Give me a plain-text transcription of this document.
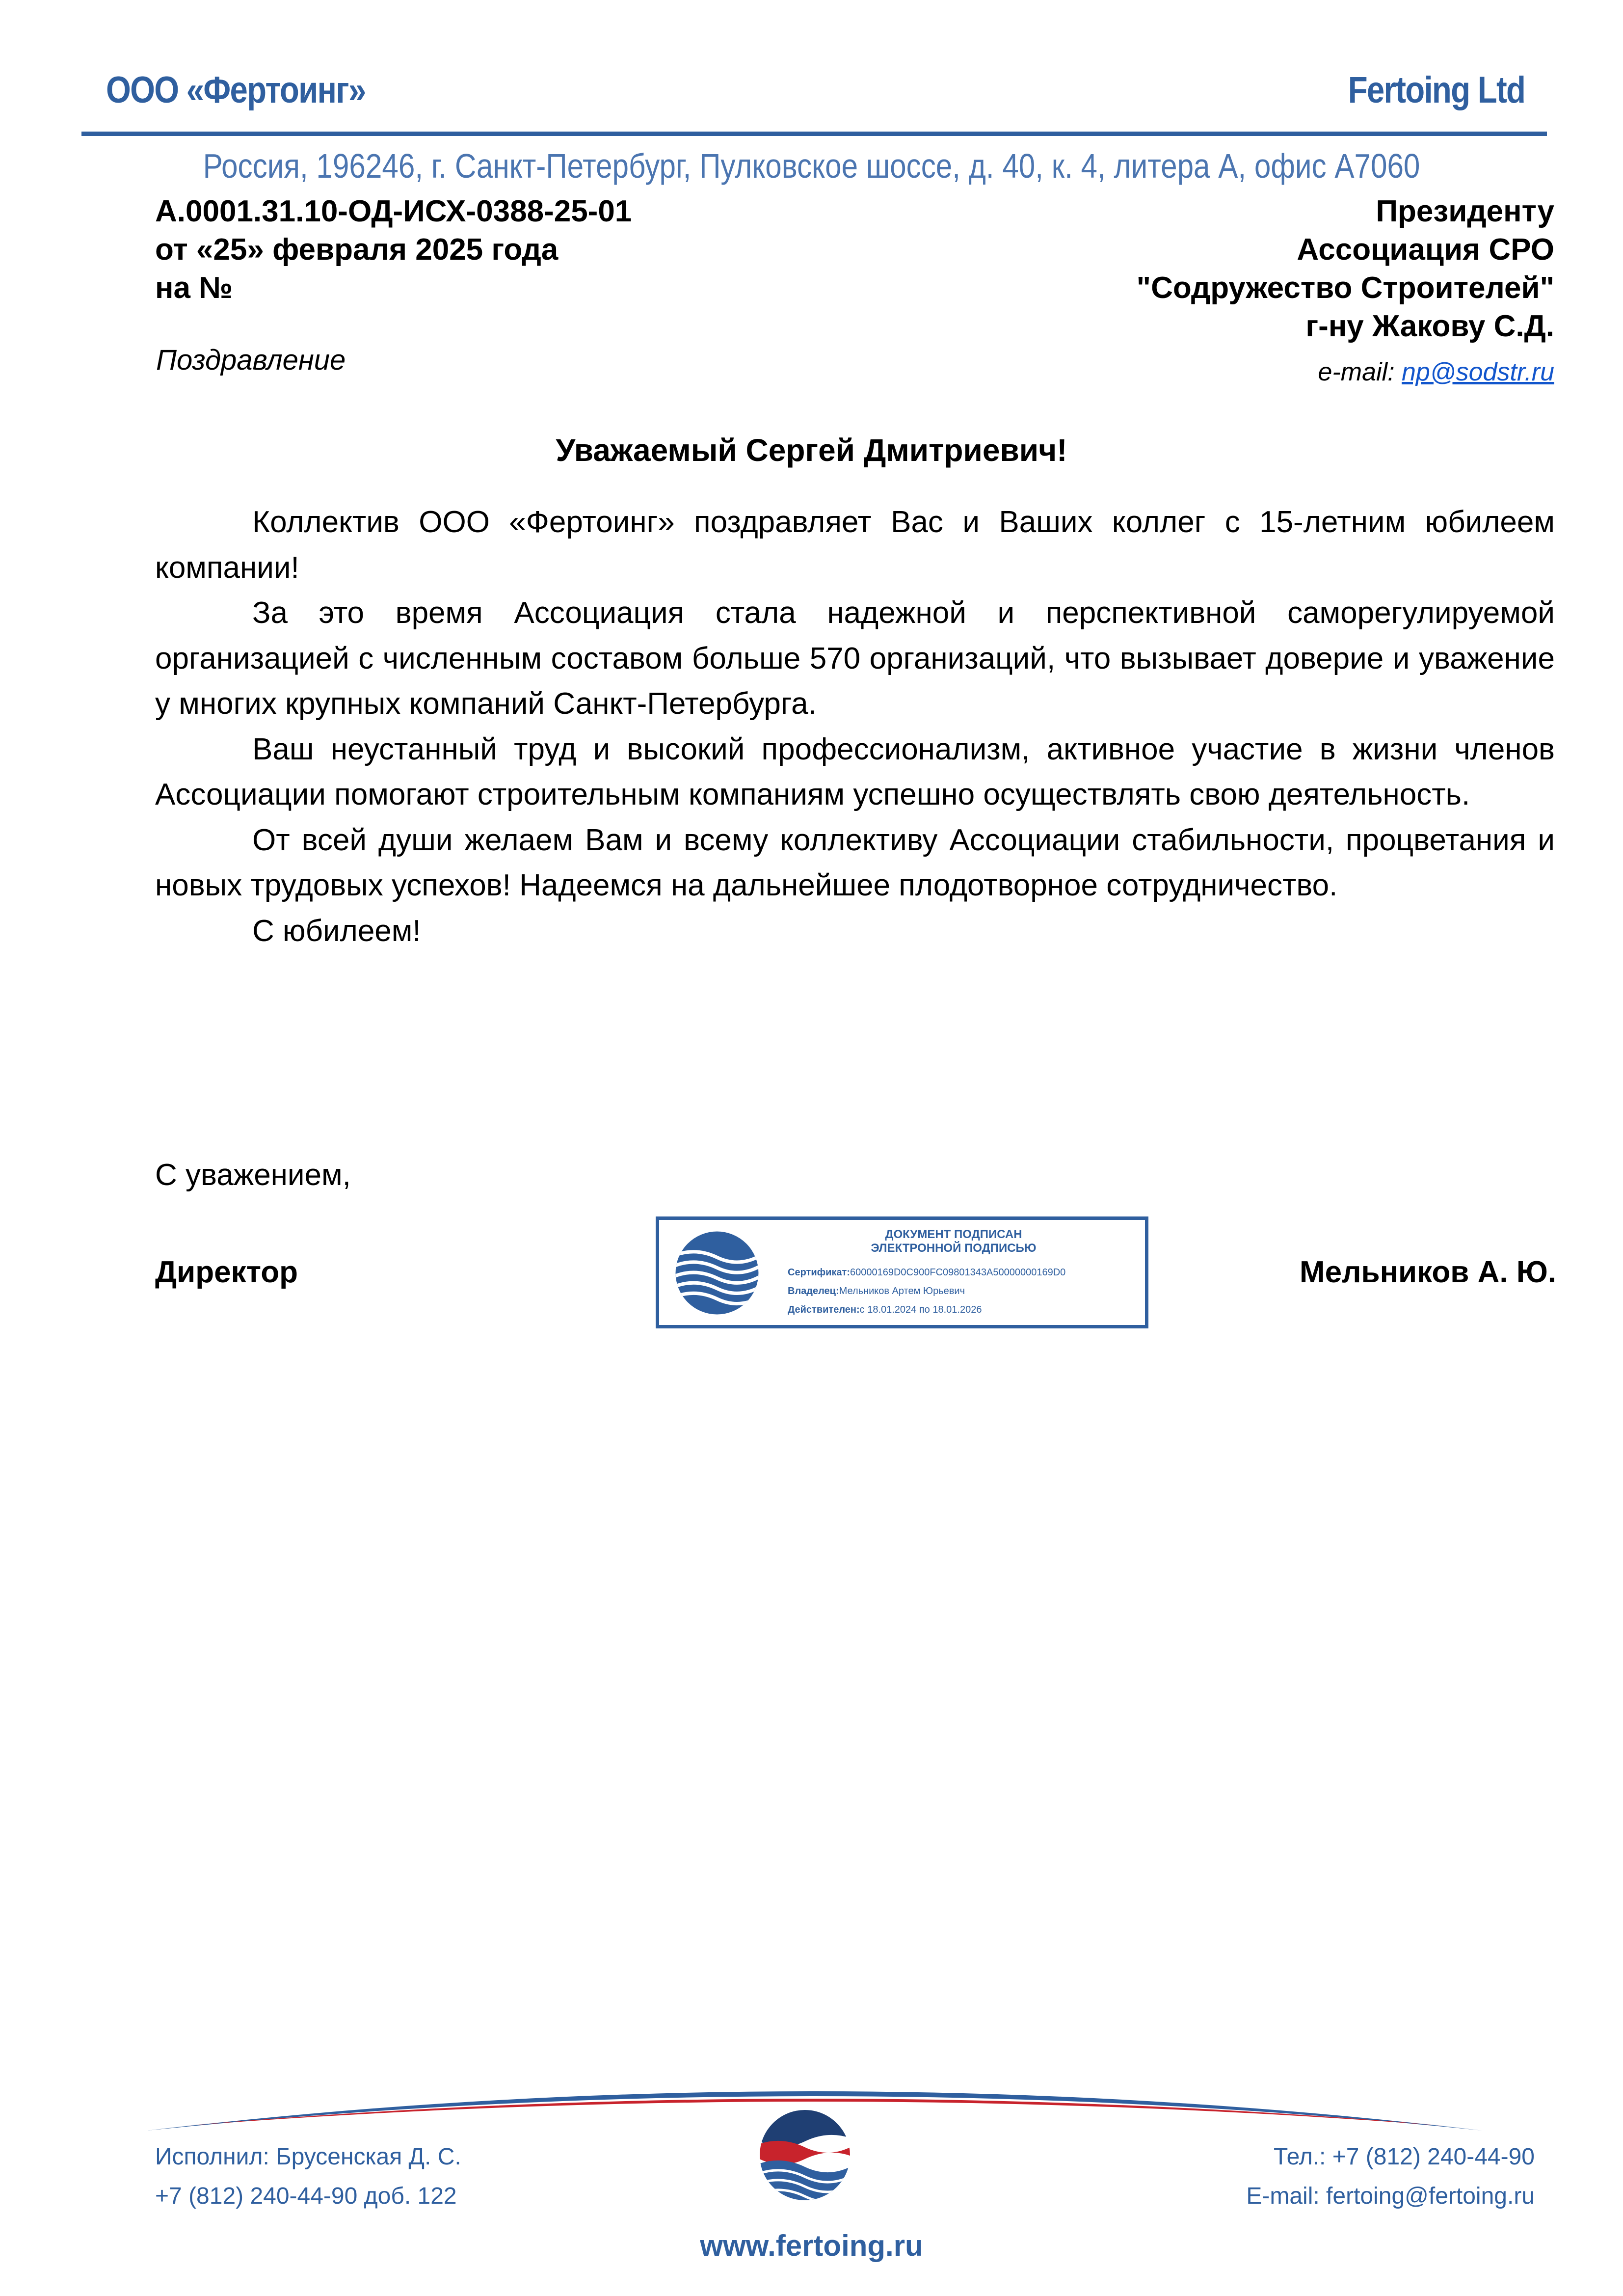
ООО «Фертоинг»	Fertoing Ltd
Россия, 196246, г. Санкт-Петербург, Пулковское шоссе, д. 40, к. 4, литера А, офис А7060
А.0001.31.10-ОД-ИСХ-0388-25-01
от «25» февраля 2025 года
на №
Президенту
Ассоциация СРО
"Содружество Строителей"
г-ну Жакову С.Д.
Поздравление	e-mail: np@sodstr.ru
Уважаемый Сергей Дмитриевич!

Коллектив ООО «Фертоинг» поздравляет Вас и Ваших коллег с 15-летним юбилеем компании!

За это время Ассоциация стала надежной и перспективной саморегулируемой организацией с численным составом больше 570 организаций, что вызывает доверие и уважение у многих крупных компаний Санкт-Петербурга.

Ваш неустанный труд и высокий профессионализм, активное участие в жизни членов Ассоциации помогают строительным компаниям успешно осуществлять свою деятельность.

От всей души желаем Вам и всему коллективу Ассоциации стабильности, процветания и новых трудовых успехов! Надеемся на дальнейшее плодотворное сотрудничество.

С юбилеем!

С уважением,
Директор	Мельников А. Ю.
ДОКУМЕНТ ПОДПИСАН
ЭЛЕКТРОННОЙ ПОДПИСЬЮ
Сертификат:60000169D0C900FC09801343A50000000169D0
Владелец:Мельников Артем Юрьевич
Действителен:с 18.01.2024 по 18.01.2026
Исполнил: Брусенская Д. С.
+7 (812) 240-44-90 доб. 122
Тел.: +7 (812) 240-44-90
E-mail: fertoing@fertoing.ru
www.fertoing.ru
